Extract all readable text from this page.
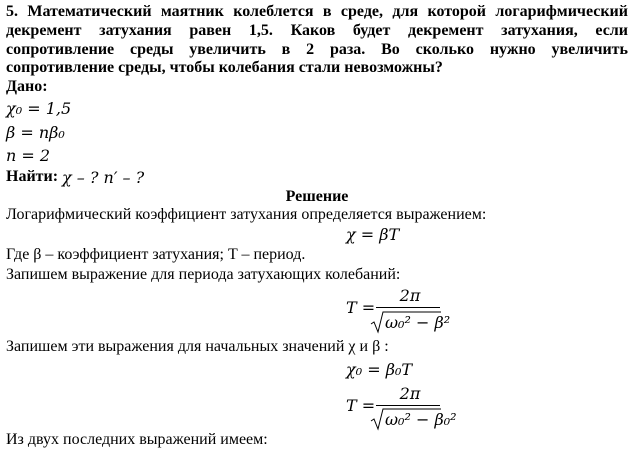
5. Математический маятник колеблется в среде, для которой логарифмический
декремент затухания равен 1,5. Каков будет декремент затухания, если
сопротивление среды увеличить в 2 раза. Во сколько нужно увеличить
сопротивление среды, чтобы колебания стали невозможны?
Дано:
χ₀ = 1,5
β = nβ₀
n = 2
Найти: χ – ? n′ – ?
Решение
Логарифмический коэффициент затухания определяется выражением:
χ = βT
Где β – коэффициент затухания; T – период.
Запишем выражение для периода затухающих колебаний:
T =
2π
ω₀² − β²
Запишем эти выражения для начальных значений χ и β :
χ₀ = β₀T
T =
2π
ω₀² − β₀²
Из двух последних выражений имеем:
